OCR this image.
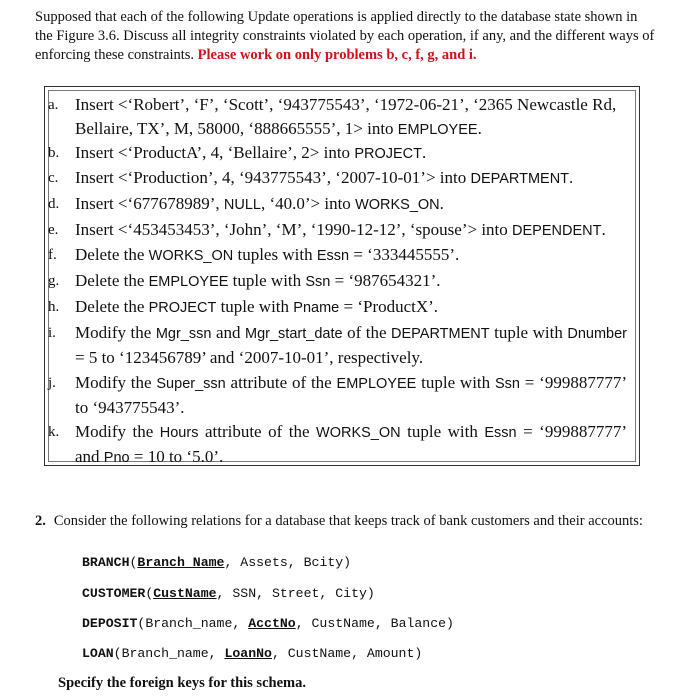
Supposed that each of the following Update operations is applied directly to the database state shown in the Figure 3.6. Discuss all integrity constraints violated by each operation, if any, and the different ways of enforcing these constraints. Please work on only problems b, c, f, g, and i.
a. Insert <‘Robert’, ‘F’, ‘Scott’, ‘943775543’, ‘1972-06-21’, ‘2365 Newcastle Rd, Bellaire, TX’, M, 58000, ‘888665555’, 1> into EMPLOYEE.
b. Insert <‘ProductA’, 4, ‘Bellaire’, 2> into PROJECT.
c. Insert <‘Production’, 4, ‘943775543’, ‘2007-10-01’> into DEPARTMENT.
d. Insert <‘677678989’, NULL, ‘40.0’> into WORKS_ON.
e. Insert <‘453453453’, ‘John’, ‘M’, ‘1990-12-12’, ‘spouse’> into DEPENDENT.
f.	Delete the WORKS_ON tuples with Essn = ‘333445555’.
g. Delete the EMPLOYEE tuple with Ssn = ‘987654321’.
h. Delete the PROJECT tuple with Pname = ‘ProductX’.
i.	Modify the Mgr_ssn and Mgr_start_date of the DEPARTMENT tuple with Dnumber = 5 to ‘123456789’ and ‘2007-10-01’, respectively.
j.	Modify the Super_ssn attribute of the EMPLOYEE tuple with Ssn = ‘999887777’ to ‘943775543’.
k. Modify the Hours attribute of the WORKS_ON tuple with Essn = ‘999887777’ and Pno = 10 to ‘5.0’.
2. Consider the following relations for a database that keeps track of bank customers and their accounts:
BRANCH(Branch Name, Assets, Bcity)
CUSTOMER(CustName, SSN, Street, City)
DEPOSIT(Branch_name, AcctNo, CustName, Balance)
LOAN(Branch_name, LoanNo, CustName, Amount)
Specify the foreign keys for this schema.
